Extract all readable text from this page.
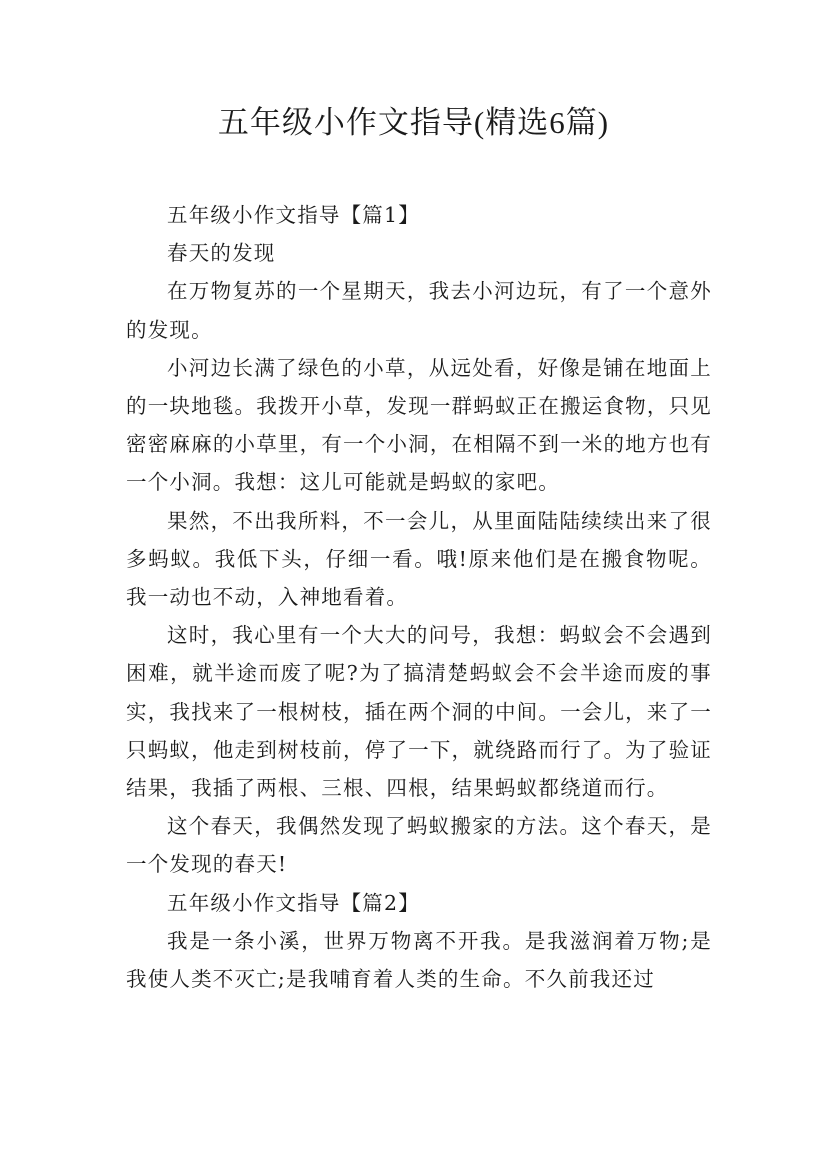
五年级小作文指导(精选6篇)

五年级小作文指导【篇1】

春天的发现

在万物复苏的一个星期天，我去小河边玩，有了一个意外的发现。

小河边长满了绿色的小草，从远处看，好像是铺在地面上的一块地毯。我拨开小草，发现一群蚂蚁正在搬运食物，只见密密麻麻的小草里，有一个小洞，在相隔不到一米的地方也有一个小洞。我想：这儿可能就是蚂蚁的家吧。

果然，不出我所料，不一会儿，从里面陆陆续续出来了很多蚂蚁。我低下头，仔细一看。哦!原来他们是在搬食物呢。我一动也不动，入神地看着。

这时，我心里有一个大大的问号，我想：蚂蚁会不会遇到困难，就半途而废了呢?为了搞清楚蚂蚁会不会半途而废的事实，我找来了一根树枝，插在两个洞的中间。一会儿，来了一只蚂蚁，他走到树枝前，停了一下，就绕路而行了。为了验证结果，我插了两根、三根、四根，结果蚂蚁都绕道而行。

这个春天，我偶然发现了蚂蚁搬家的方法。这个春天，是一个发现的春天!

五年级小作文指导【篇2】

我是一条小溪，世界万物离不开我。是我滋润着万物;是我使人类不灭亡;是我哺育着人类的生命。不久前我还过
